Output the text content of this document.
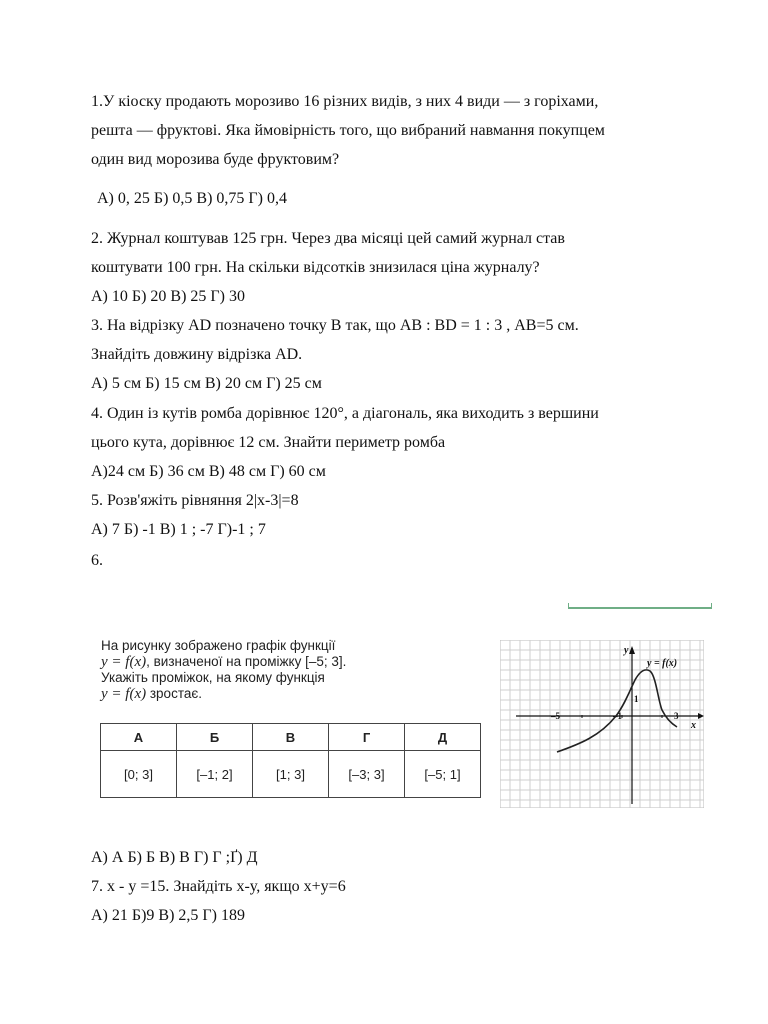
1.У кіоску продають морозиво 16 різних видів, з них 4 види — з горіхами,
решта — фруктові. Яка ймовірність того, що вибраний навмання покупцем
один вид морозива буде фруктовим?
А) 0, 25 Б) 0,5 В) 0,75 Г) 0,4
2. Журнал коштував 125 грн. Через два місяці цей самий журнал став
коштувати 100 грн. На скільки відсотків знизилася ціна журналу?
А) 10 Б) 20 В) 25 Г) 30
3. На відрізку АD позначено точку В так, що АВ : ВD = 1 : 3 , АВ=5 см.
Знайдіть довжину відрізка АD.
А) 5 см Б) 15 см В) 20 см Г) 25 см
4. Один із кутів ромба дорівнює 120°, а діагональ, яка виходить з вершини
цього кута, дорівнює 12 см. Знайти периметр ромба
А)24 см Б) 36 см В) 48 см Г) 60 см
5. Розв'яжіть рівняння 2|х-3|=8
А) 7 Б) -1 В) 1 ; -7 Г)-1 ; 7
6.
На рисунку зображено графік функції
y = f(x), визначеної на проміжку [–5; 3].
Укажіть проміжок, на якому функція
y = f(x) зростає.
А	Б	В	Г	Д
[0; 3]	[–1; 2]	[1; 3]	[–3; 3]	[–5; 1]
y
x
y = f(x)
–5	–1	3
1
А) А Б) Б В) В Г) Г ;Ґ) Д
7. х - у =15. Знайдіть х-у, якщо х+у=6
А) 21 Б)9 В) 2,5 Г) 189
